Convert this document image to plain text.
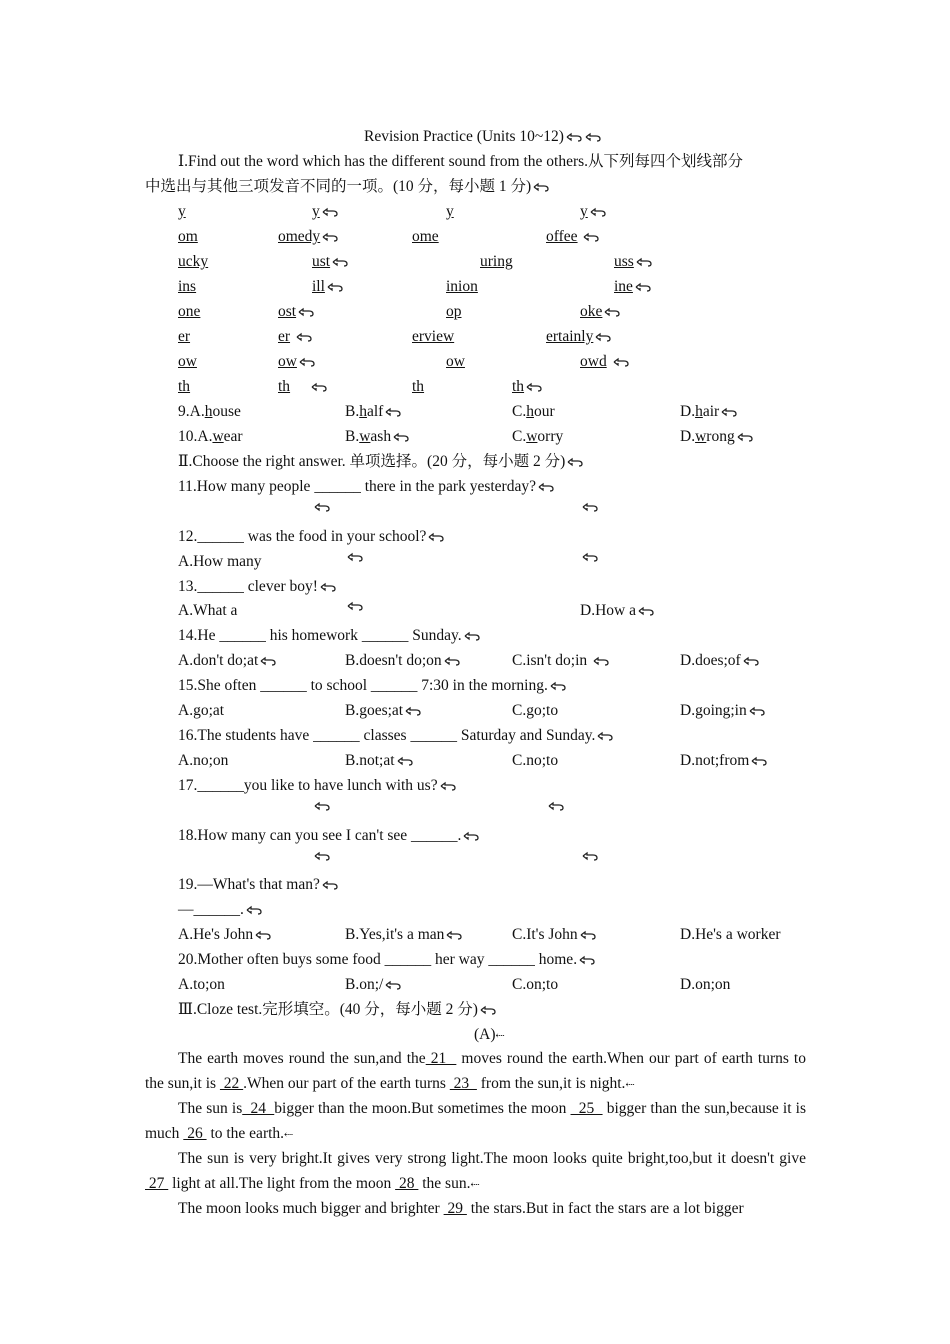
Revision Practice (Units 10~12)
Ⅰ.Find out the word which has the different sound from the others.从下列每四个划线部分
中选出与其他三项发音不同的一项。(10 分，每小题 1 分)
y	y	y	y
om	omedy	ome	offee
ucky	ust	uring	uss
ins	ill	inion	ine
one	ost	op	oke
er	er	erview	ertainly
ow	ow	ow	owd
th	th	th	th
9.A.house	B.half	C.hour	D.hair
10.A.wear	B.wash	C.worry	D.wrong
Ⅱ.Choose the right answer. 单项选择。(20 分，每小题 2 分)
11.How many people ______ there in the park yesterday?
12.______ was the food in your school?
A.How many
13.______ clever boy!
A.What a	D.How a
14.He ______ his homework ______ Sunday.
A.don't do;at	B.doesn't do;on	C.isn't do;in	D.does;of
15.She often ______ to school ______ 7:30 in the morning.
A.go;at	B.goes;at	C.go;to	D.going;in
16.The students have ______ classes ______ Saturday and Sunday.
A.no;on	B.not;at	C.no;to	D.not;from
17.______you like to have lunch with us?
18.How many can you see I can't see ______.
19.—What's that man?
—______.
A.He's John	B.Yes,it's a man	C.It's John	D.He's a worker
20.Mother often buys some food ______ her way ______ home.
A.to;on	B.on;/	C.on;to	D.on;on
Ⅲ.Cloze test.完形填空。(40 分，每小题 2 分)
(A)⇠
The earth moves round the sun,and the 21   moves round the earth.When our part of earth turns to the sun,it is  22 .When our part of the earth turns  23   from the sun,it is night.⇠
The sun is  24  bigger than the moon.But sometimes the moon   25   bigger than the sun,because it is much  26  to the earth.⇠
The sun is very bright.It gives very strong light.The moon looks quite bright,too,but it doesn't give  27  light at all.The light from the moon  28  the sun.⇠
The moon looks much bigger and brighter  29  the stars.But in fact the stars are a lot bigger
